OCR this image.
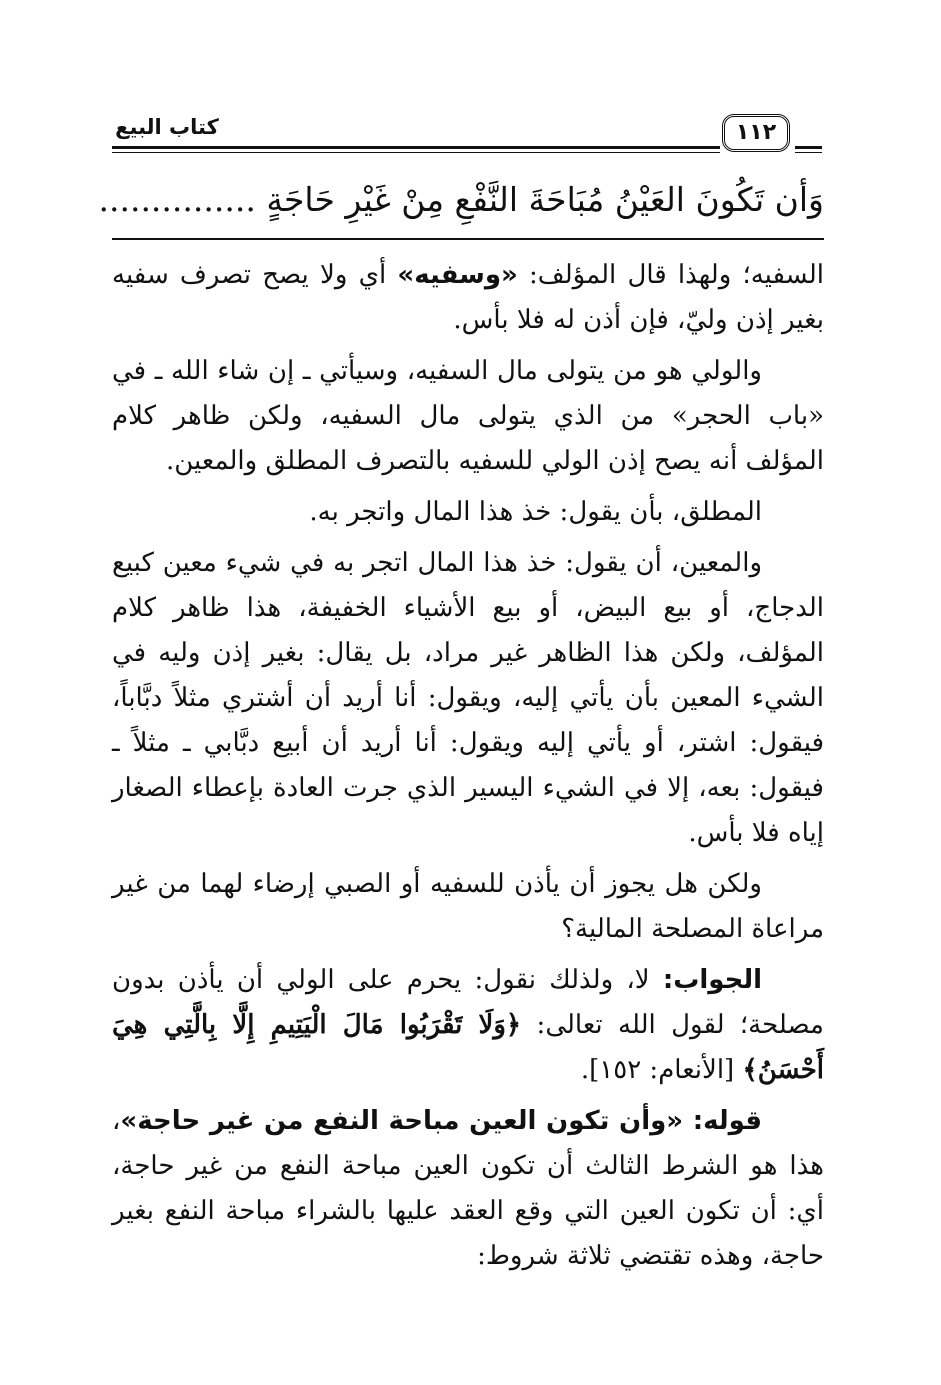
كتاب البيع	١١٢
وَأن تَكُونَ العَيْنُ مُبَاحَةَ النَّفْعِ مِنْ غَيْرِ حَاجَةٍ ...............

السفيه؛ ولهذا قال المؤلف: «وسفيه» أي ولا يصح تصرف سفيه بغير إذن وليّ، فإن أذن له فلا بأس.

والولي هو من يتولى مال السفيه، وسيأتي ـ إن شاء الله ـ في «باب الحجر» من الذي يتولى مال السفيه، ولكن ظاهر كلام المؤلف أنه يصح إذن الولي للسفيه بالتصرف المطلق والمعين.

المطلق، بأن يقول: خذ هذا المال واتجر به.

والمعين، أن يقول: خذ هذا المال اتجر به في شيء معين كبيع الدجاج، أو بيع البيض، أو بيع الأشياء الخفيفة، هذا ظاهر كلام المؤلف، ولكن هذا الظاهر غير مراد، بل يقال: بغير إذن وليه في الشيء المعين بأن يأتي إليه، ويقول: أنا أريد أن أشتري مثلاً دبَّاباً، فيقول: اشتر، أو يأتي إليه ويقول: أنا أريد أن أبيع دبَّابي ـ مثلاً ـ فيقول: بعه، إلا في الشيء اليسير الذي جرت العادة بإعطاء الصغار إياه فلا بأس.

ولكن هل يجوز أن يأذن للسفيه أو الصبي إرضاء لهما من غير مراعاة المصلحة المالية؟

الجواب: لا، ولذلك نقول: يحرم على الولي أن يأذن بدون مصلحة؛ لقول الله تعالى: ﴿وَلَا تَقْرَبُوا مَالَ الْيَتِيمِ إِلَّا بِالَّتِي هِيَ أَحْسَنُ﴾ [الأنعام: ١٥٢].

قوله: «وأن تكون العين مباحة النفع من غير حاجة»، هذا هو الشرط الثالث أن تكون العين مباحة النفع من غير حاجة، أي: أن تكون العين التي وقع العقد عليها بالشراء مباحة النفع بغير حاجة، وهذه تقتضي ثلاثة شروط:
